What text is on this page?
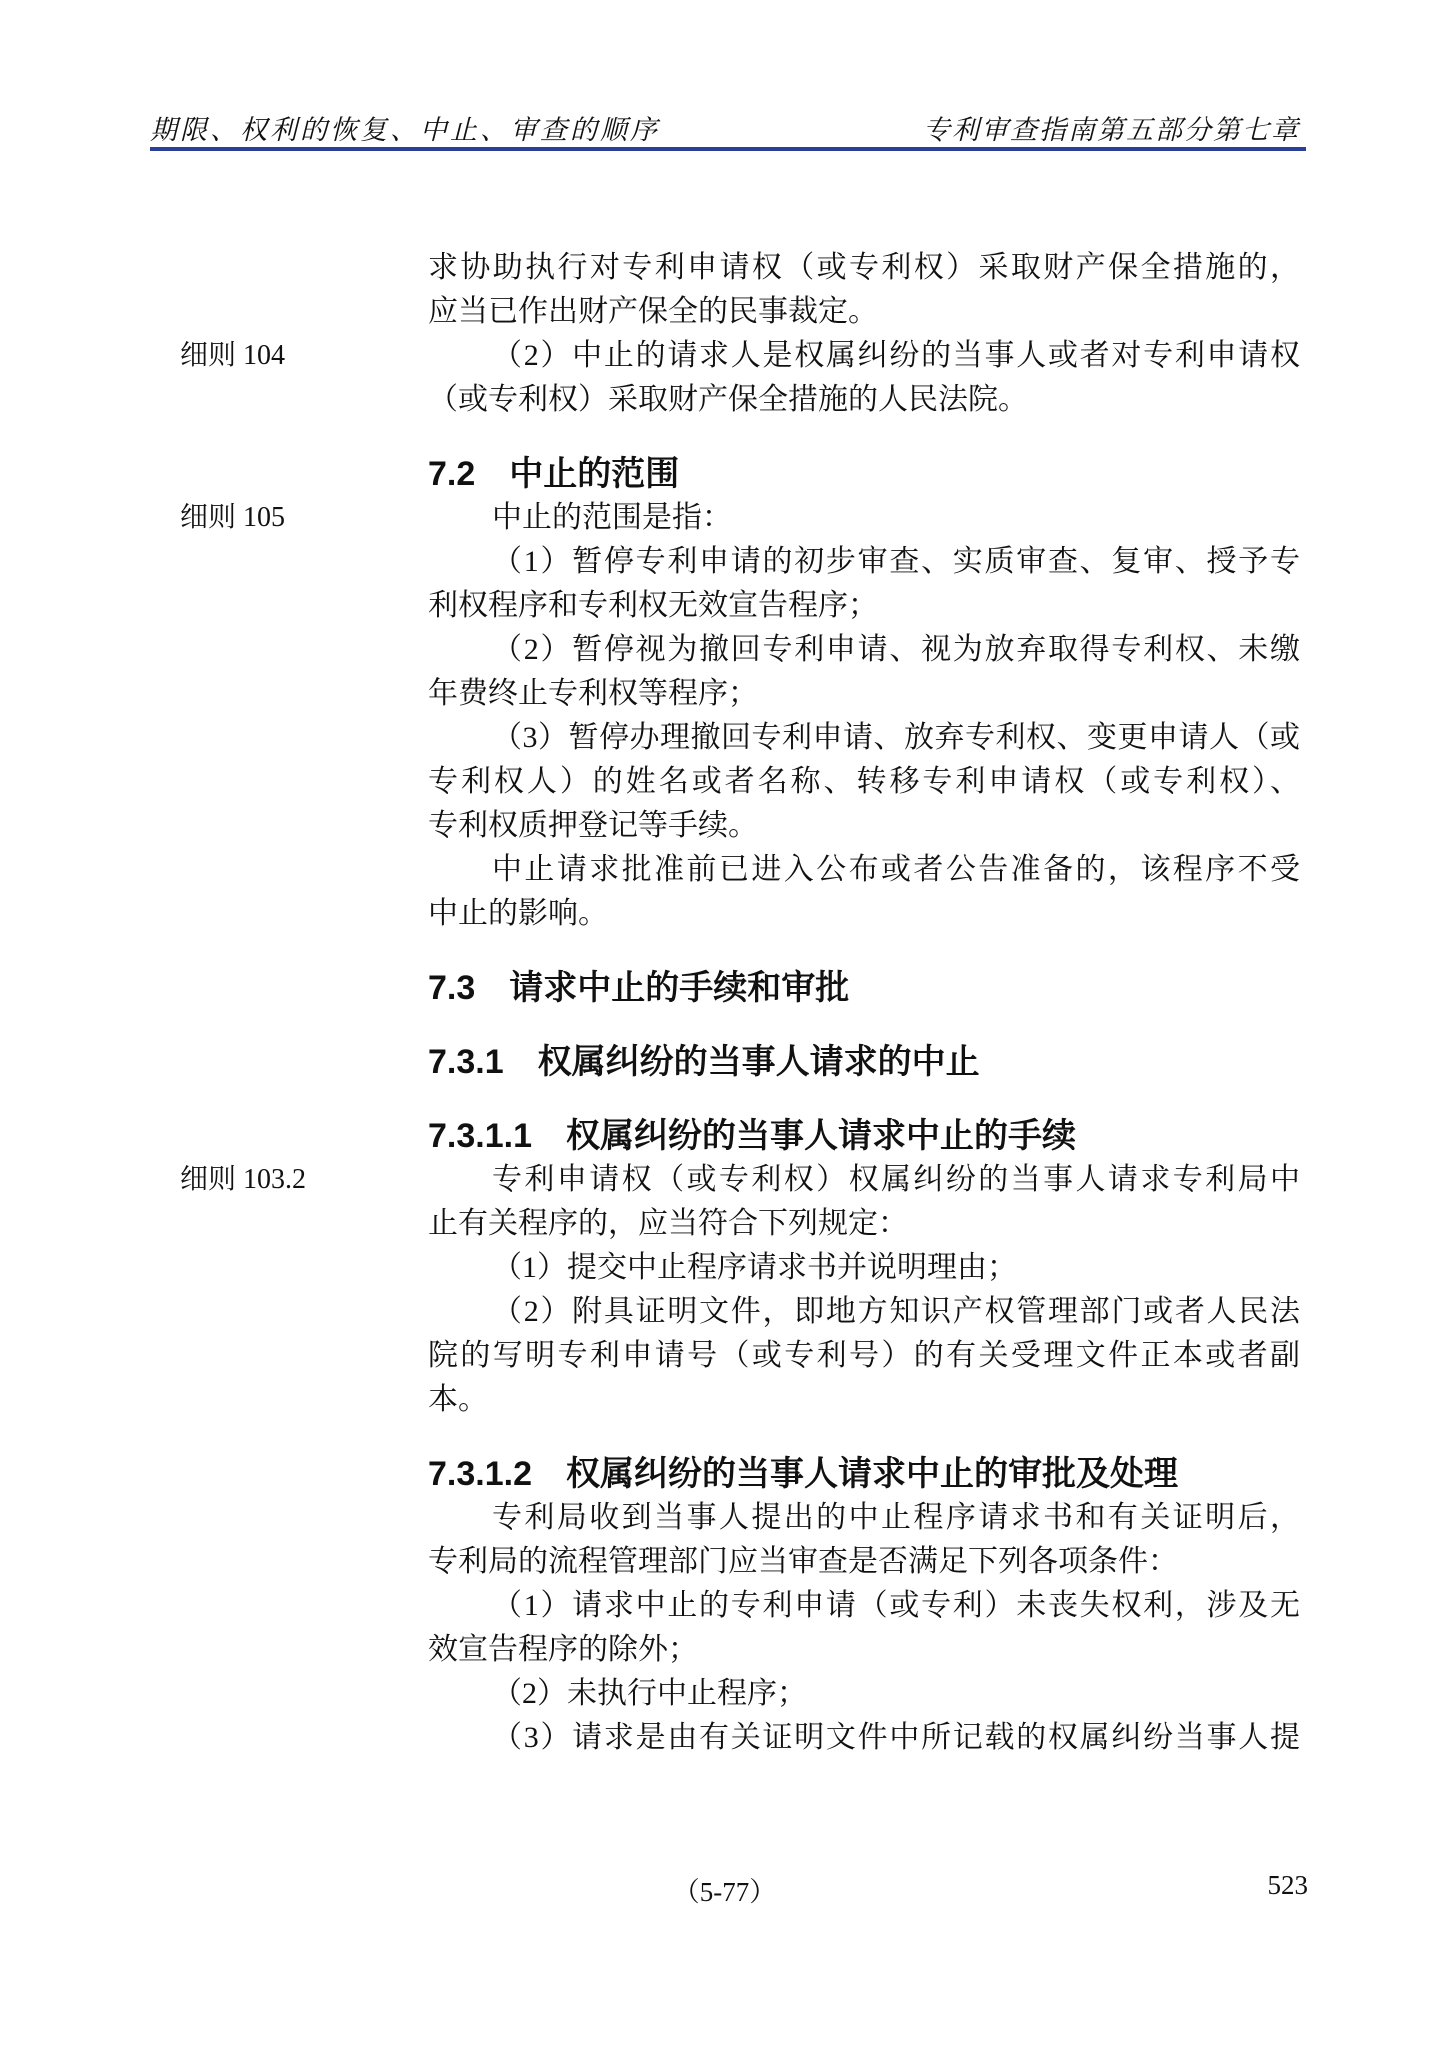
期限、权利的恢复、中止、审查的顺序	专利审查指南第五部分第七章
细则 104
细则 105
细则 103.2
求协助执行对专利申请权（或专利权）采取财产保全措施的，
应当已作出财产保全的民事裁定。
（2）中止的请求人是权属纠纷的当事人或者对专利申请权
（或专利权）采取财产保全措施的人民法院。
7.2　中止的范围
中止的范围是指：
（1）暂停专利申请的初步审查、实质审查、复审、授予专
利权程序和专利权无效宣告程序；
（2）暂停视为撤回专利申请、视为放弃取得专利权、未缴
年费终止专利权等程序；
（3）暂停办理撤回专利申请、放弃专利权、变更申请人（或
专利权人）的姓名或者名称、转移专利申请权（或专利权）、
专利权质押登记等手续。
中止请求批准前已进入公布或者公告准备的，该程序不受
中止的影响。
7.3　请求中止的手续和审批
7.3.1　权属纠纷的当事人请求的中止
7.3.1.1　权属纠纷的当事人请求中止的手续
专利申请权（或专利权）权属纠纷的当事人请求专利局中
止有关程序的，应当符合下列规定：
（1）提交中止程序请求书并说明理由；
（2）附具证明文件，即地方知识产权管理部门或者人民法
院的写明专利申请号（或专利号）的有关受理文件正本或者副
本。
7.3.1.2　权属纠纷的当事人请求中止的审批及处理
专利局收到当事人提出的中止程序请求书和有关证明后，
专利局的流程管理部门应当审查是否满足下列各项条件：
（1）请求中止的专利申请（或专利）未丧失权利，涉及无
效宣告程序的除外；
（2）未执行中止程序；
（3）请求是由有关证明文件中所记载的权属纠纷当事人提
（5-77）	523
